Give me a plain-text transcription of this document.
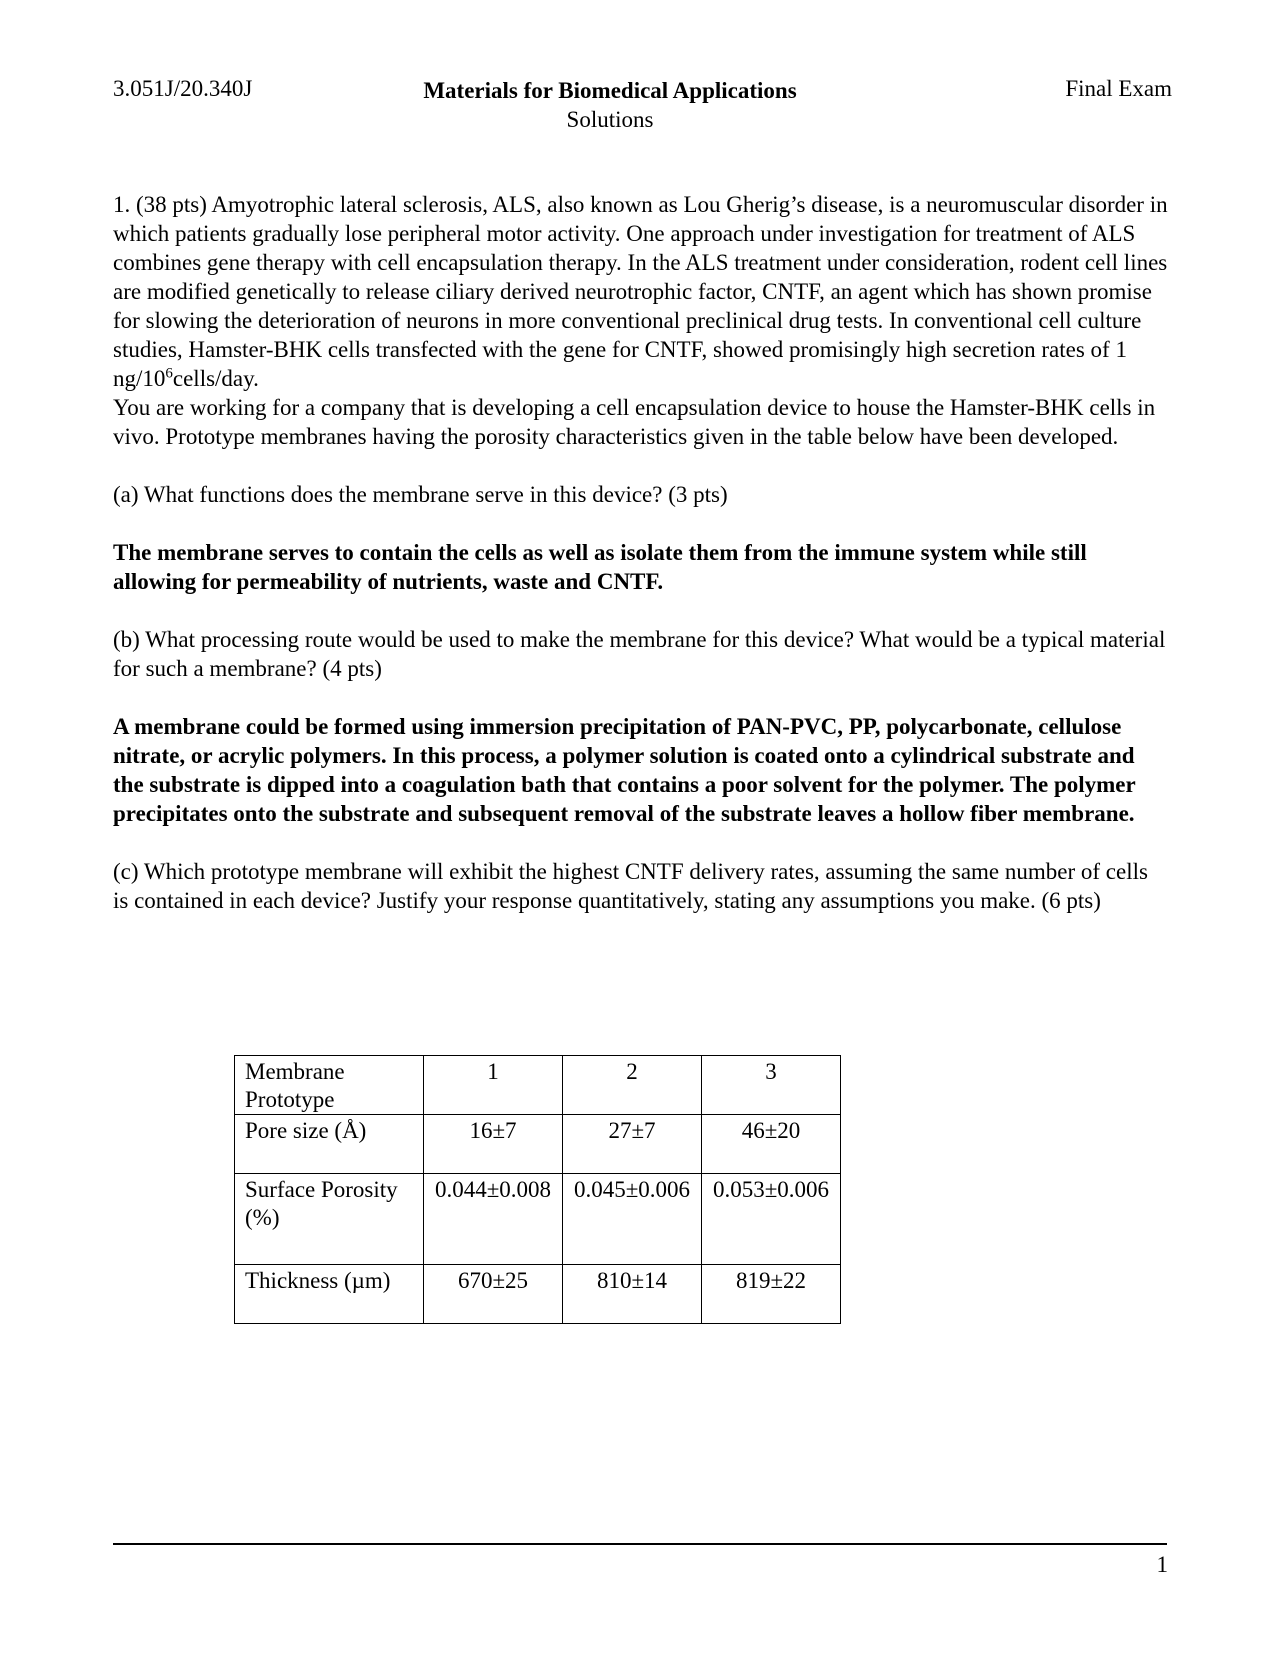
3.051J/20.340J	Materials for Biomedical Applications
Solutions
Final Exam

1. (38 pts) Amyotrophic lateral sclerosis, ALS, also known as Lou Gherig’s disease, is a neuromuscular disorder in which patients gradually lose peripheral motor activity. One approach under investigation for treatment of ALS combines gene therapy with cell encapsulation therapy. In the ALS treatment under consideration, rodent cell lines are modified genetically to release ciliary derived neurotrophic factor, CNTF, an agent which has shown promise for slowing the deterioration of neurons in more conventional preclinical drug tests. In conventional cell culture studies, Hamster-BHK cells transfected with the gene for CNTF, showed promisingly high secretion rates of 1 $ng/10^6cells$/day.

You are working for a company that is developing a cell encapsulation device to house the Hamster-BHK cells in vivo. Prototype membranes having the porosity characteristics given in the table below have been developed.

(a) What functions does the membrane serve in this device? (3 pts)

The membrane serves to contain the cells as well as isolate them from the immune system while still allowing for permeability of nutrients, waste and CNTF.

(b) What processing route would be used to make the membrane for this device? What would be a typical material for such a membrane? (4 pts)

A membrane could be formed using immersion precipitation of PAN-PVC, PP, polycarbonate, cellulose nitrate, or acrylic polymers. In this process, a polymer solution is coated onto a cylindrical substrate and the substrate is dipped into a coagulation bath that contains a poor solvent for the polymer. The polymer precipitates onto the substrate and subsequent removal of the substrate leaves a hollow fiber membrane.

(c) Which prototype membrane will exhibit the highest CNTF delivery rates, assuming the same number of cells is contained in each device? Justify your response quantitatively, stating any assumptions you make. (6 pts)

Membrane Prototype	1	2	3
Pore size (Å)	16±7	27±7	46±20
Surface Porosity (%)	0.044±0.008	0.045±0.006	0.053±0.006
Thickness (µm)	670±25	810±14	819±22
1
